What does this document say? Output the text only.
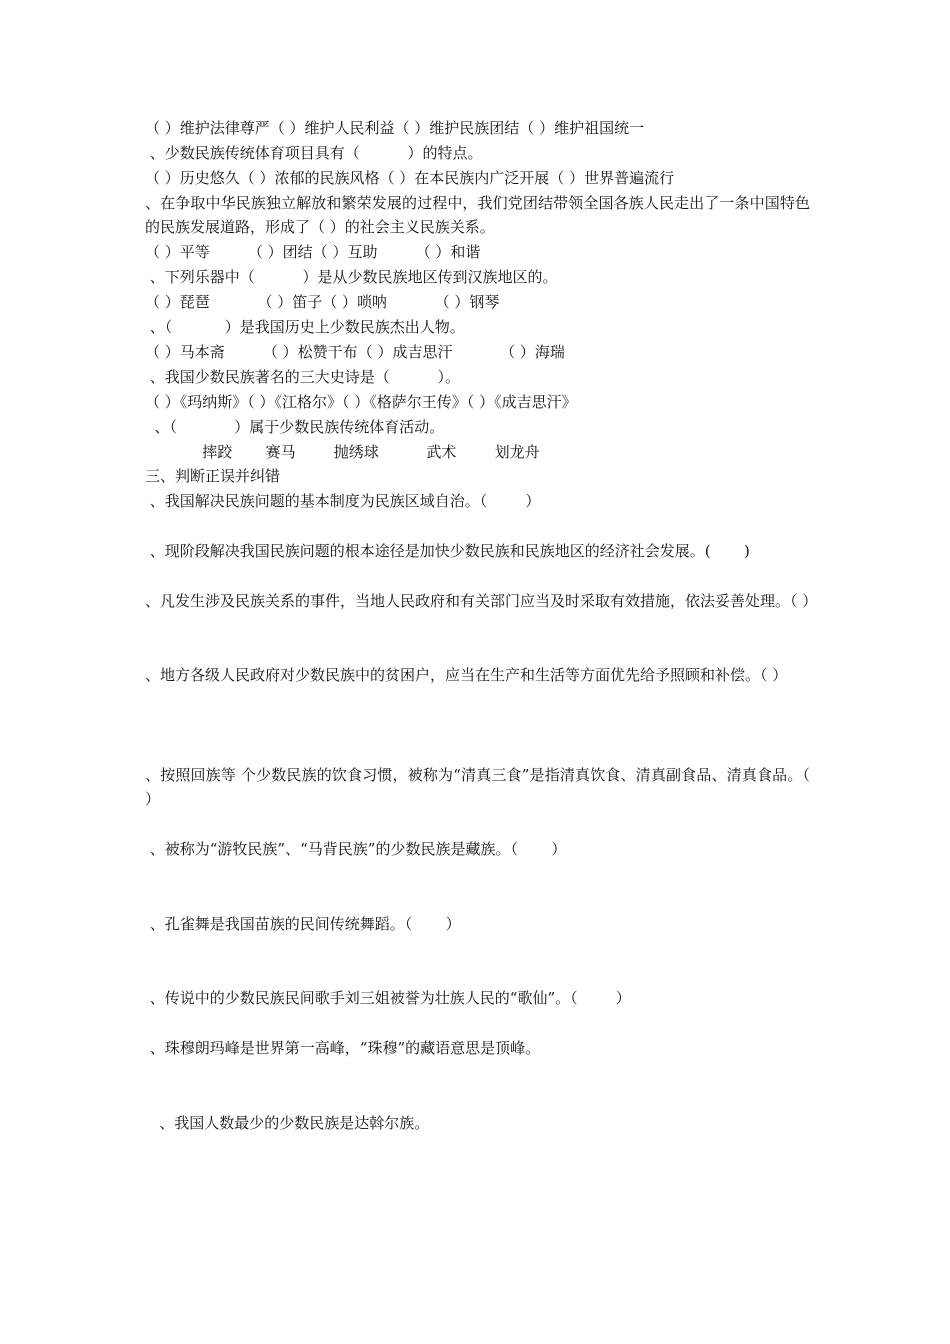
（ ）维护法律尊严（ ）维护人民利益（ ）维护民族团结（ ）维护祖国统一

、少数民族传统体育项目具有（          ）的特点。

（ ）历史悠久（ ）浓郁的民族风格（ ）在本民族内广泛开展（ ）世界普遍流行

、在争取中华民族独立解放和繁荣发展的过程中，我们党团结带领全国各族人民走出了一条中国特色的民族发展道路，形成了（ ）的社会主义民族关系。

（ ）平等        （ ）团结（ ）互助        （ ）和谐

、下列乐器中（          ）是从少数民族地区传到汉族地区的。

（ ）琵琶          （ ）笛子（ ）唢呐          （ ）钢琴

、（           ）是我国历史上少数民族杰出人物。

（ ）马本斋        （ ）松赞干布（ ）成吉思汗          （ ）海瑞

、我国少数民族著名的三大史诗是（          ）。

（ ）《玛纳斯》（ ）《江格尔》（ ）《格萨尔王传》（ ）《成吉思汗》

、（            ）属于少数民族传统体育活动。

摔跤       赛马        抛绣球          武术        划龙舟

三、判断正误并纠错

、我国解决民族问题的基本制度为民族区域自治。（        ）

、现阶段解决我国民族问题的根本途径是加快少数民族和民族地区的经济社会发展。(       )

、凡发生涉及民族关系的事件，当地人民政府和有关部门应当及时采取有效措施，依法妥善处理。（ ）

、地方各级人民政府对少数民族中的贫困户，应当在生产和生活等方面优先给予照顾和补偿。（ ）

、按照回族等 个少数民族的饮食习惯，被称为“清真三食”是指清真饮食、清真副食品、清真食品。（ ）

、被称为“游牧民族”、“马背民族”的少数民族是藏族。（       ）

、孔雀舞是我国苗族的民间传统舞蹈。（       ）

、传说中的少数民族民间歌手刘三姐被誉为壮族人民的“歌仙”。（        ）

、珠穆朗玛峰是世界第一高峰，“珠穆”的藏语意思是顶峰。

、我国人数最少的少数民族是达斡尔族。
